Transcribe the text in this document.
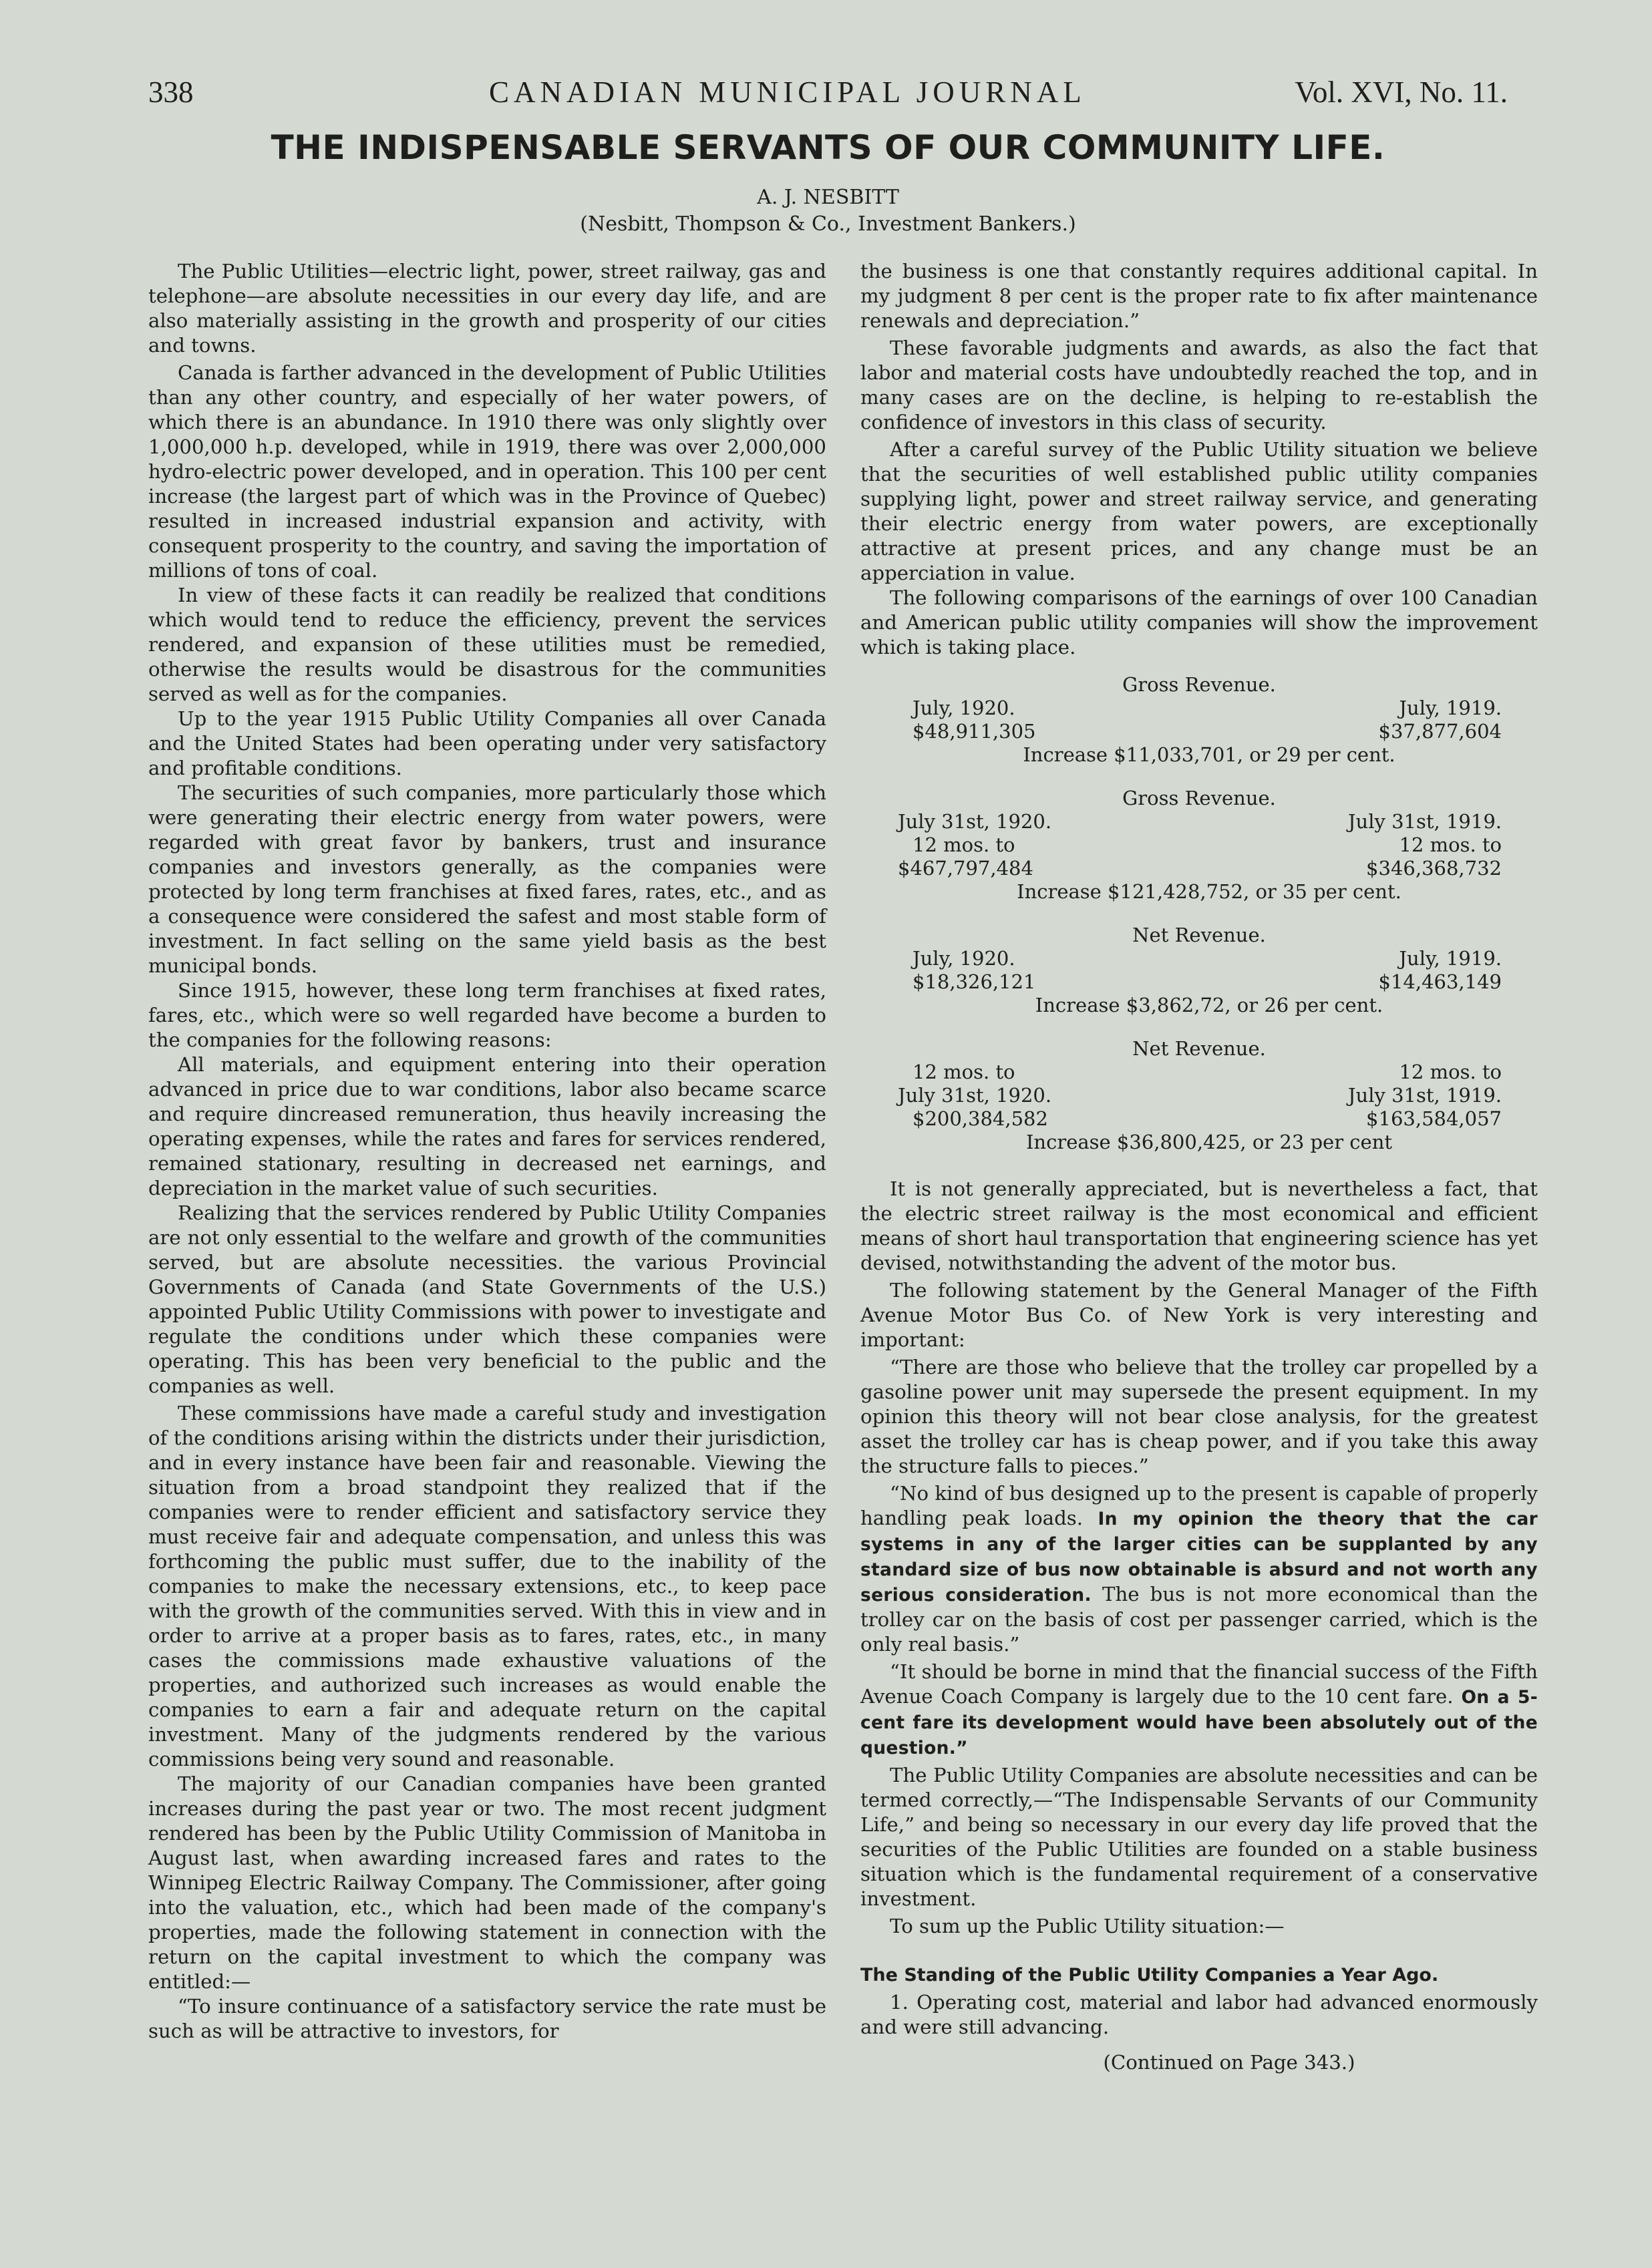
338	CANADIAN MUNICIPAL JOURNAL	Vol. XVI, No. 11.
THE INDISPENSABLE SERVANTS OF OUR COMMUNITY LIFE.
A. J. NESBITT
(Nesbitt, Thompson & Co., Investment Bankers.)

The Public Utilities—electric light, power, street railway, gas and telephone—are absolute necessities in our every day life, and are also materially assisting in the growth and prosperity of our cities and towns.

Canada is farther advanced in the development of Public Utilities than any other country, and especially of her water powers, of which there is an abundance. In 1910 there was only slightly over 1,000,000 h.p. developed, while in 1919, there was over 2,000,000 hydro-electric power developed, and in operation. This 100 per cent increase (the largest part of which was in the Province of Quebec) resulted in increased industrial expansion and activity, with consequent prosperity to the country, and saving the importation of millions of tons of coal.

In view of these facts it can readily be realized that conditions which would tend to reduce the efficiency, prevent the services rendered, and expansion of these utilities must be remedied, otherwise the results would be disastrous for the communities served as well as for the companies.

Up to the year 1915 Public Utility Companies all over Canada and the United States had been operating under very satisfactory and profitable conditions.

The securities of such companies, more particularly those which were generating their electric energy from water powers, were regarded with great favor by bankers, trust and insurance companies and investors generally, as the companies were protected by long term franchises at fixed fares, rates, etc., and as a consequence were considered the safest and most stable form of investment. In fact selling on the same yield basis as the best municipal bonds.

Since 1915, however, these long term franchises at fixed rates, fares, etc., which were so well regarded have become a burden to the companies for the following reasons:

All materials, and equipment entering into their operation advanced in price due to war conditions, labor also became scarce and require dincreased remuneration, thus heavily increasing the operating expenses, while the rates and fares for services rendered, remained stationary, resulting in decreased net earnings, and depreciation in the market value of such securities.

Realizing that the services rendered by Public Utility Companies are not only essential to the welfare and growth of the communities served, but are absolute necessities. the various Provincial Governments of Canada (and State Governments of the U.S.) appointed Public Utility Commissions with power to investigate and regulate the conditions under which these companies were operating. This has been very beneficial to the public and the companies as well.

These commissions have made a careful study and investigation of the conditions arising within the districts under their jurisdiction, and in every instance have been fair and reasonable. Viewing the situation from a broad standpoint they realized that if the companies were to render efficient and satisfactory service they must receive fair and adequate compensation, and unless this was forthcoming the public must suffer, due to the inability of the companies to make the necessary extensions, etc., to keep pace with the growth of the communities served. With this in view and in order to arrive at a proper basis as to fares, rates, etc., in many cases the commissions made exhaustive valuations of the properties, and authorized such increases as would enable the companies to earn a fair and adequate return on the capital investment. Many of the judgments rendered by the various commissions being very sound and reasonable.

The majority of our Canadian companies have been granted increases during the past year or two. The most recent judgment rendered has been by the Public Utility Commission of Manitoba in August last, when awarding increased fares and rates to the Winnipeg Electric Railway Company. The Commissioner, after going into the valuation, etc., which had been made of the company's properties, made the following statement in connection with the return on the capital investment to which the company was entitled:—

“To insure continuance of a satisfactory service the rate must be such as will be attractive to investors, for

the business is one that constantly requires additional capital. In my judgment 8 per cent is the proper rate to fix after maintenance renewals and depreciation.”

These favorable judgments and awards, as also the fact that labor and material costs have undoubtedly reached the top, and in many cases are on the decline, is helping to re-establish the confidence of investors in this class of security.

After a careful survey of the Public Utility situation we believe that the securities of well established public utility companies supplying light, power and street railway service, and generating their electric energy from water powers, are exceptionally attractive at present prices, and any change must be an apperciation in value.

The following comparisons of the earnings of over 100 Canadian and American public utility companies will show the improvement which is taking place.

Gross Revenue.
July, 1920.	July, 1919.
$48,911,305	$37,877,604
Increase $11,033,701, or 29 per cent.
Gross Revenue.
July 31st, 1920.	July 31st, 1919.
12 mos. to	12 mos. to
$467,797,484	$346,368,732
Increase $121,428,752, or 35 per cent.
Net Revenue.
July, 1920.	July, 1919.
$18,326,121	$14,463,149
Increase $3,862,72, or 26 per cent.
Net Revenue.
12 mos. to	12 mos. to
July 31st, 1920.	July 31st, 1919.
$200,384,582	$163,584,057
Increase $36,800,425, or 23 per cent

It is not generally appreciated, but is nevertheless a fact, that the electric street railway is the most economical and efficient means of short haul transportation that engineering science has yet devised, notwithstanding the advent of the motor bus.

The following statement by the General Manager of the Fifth Avenue Motor Bus Co. of New York is very interesting and important:

“There are those who believe that the trolley car propelled by a gasoline power unit may supersede the present equipment. In my opinion this theory will not bear close analysis, for the greatest asset the trolley car has is cheap power, and if you take this away the structure falls to pieces.”

“No kind of bus designed up to the present is capable of properly handling peak loads. In my opinion the theory that the car systems in any of the larger cities can be supplanted by any standard size of bus now obtainable is absurd and not worth any serious consideration. The bus is not more economical than the trolley car on the basis of cost per passenger carried, which is the only real basis.”

“It should be borne in mind that the financial success of the Fifth Avenue Coach Company is largely due to the 10 cent fare. On a 5-cent fare its development would have been absolutely out of the question.”

The Public Utility Companies are absolute necessities and can be termed correctly,—“The Indispensable Servants of our Community Life,” and being so necessary in our every day life proved that the securities of the Public Utilities are founded on a stable business situation which is the fundamental requirement of a conservative investment.

To sum up the Public Utility situation:—

The Standing of the Public Utility Companies a Year Ago.

1. Operating cost, material and labor had advanced enormously and were still advancing.

(Continued on Page 343.)
